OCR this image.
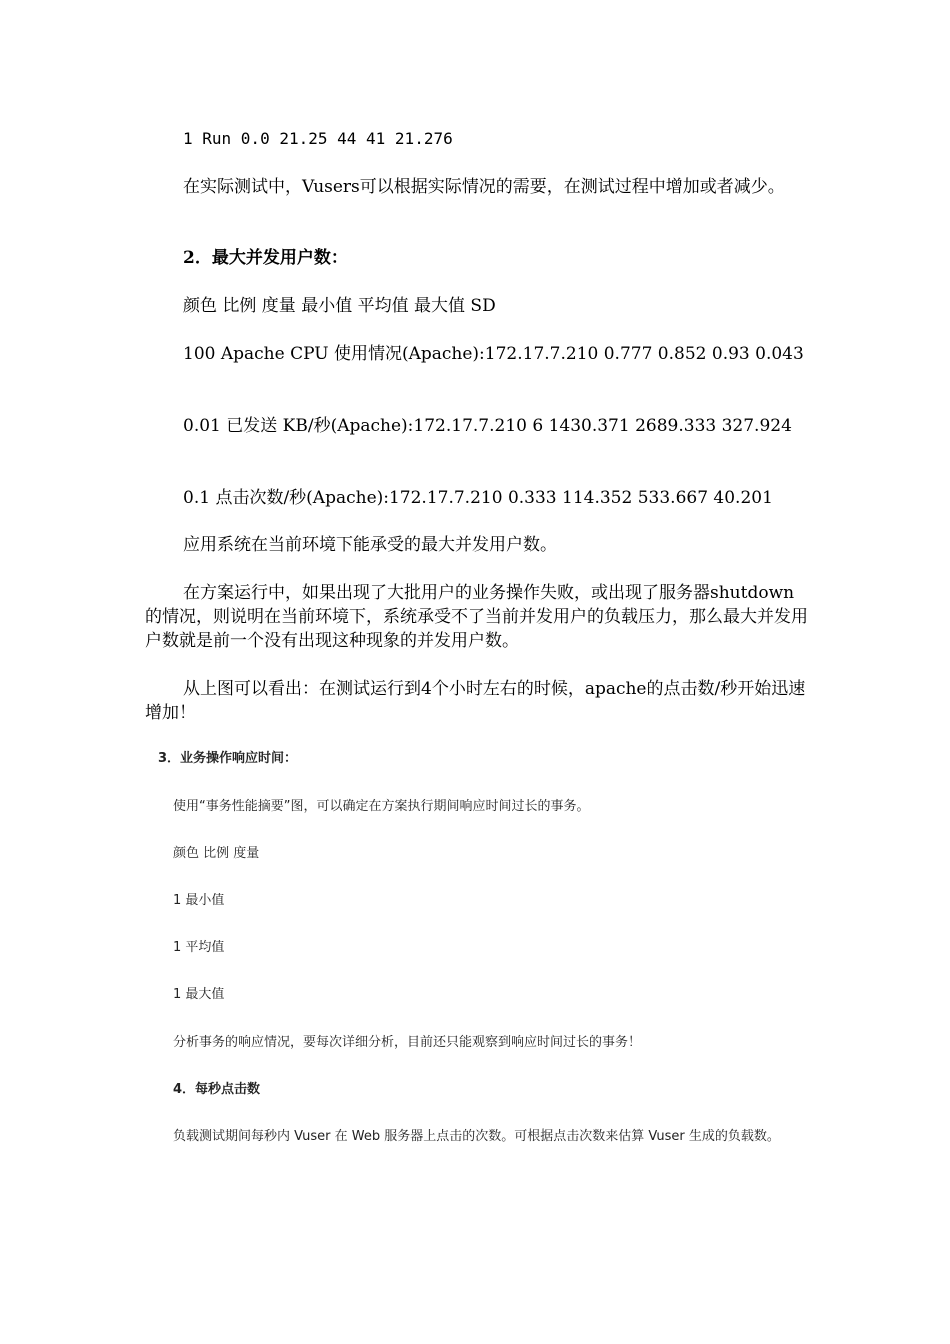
1 Run 0.0 21.25 44 41 21.276

在实际测试中，Vusers可以根据实际情况的需要，在测试过程中增加或者减少。

2．最大并发用户数：

颜色 比例 度量 最小值 平均值 最大值 SD

100 Apache CPU 使用情况(Apache):172.17.7.210 0.777 0.852 0.93 0.043

0.01 已发送 KB/秒(Apache):172.17.7.210 6 1430.371 2689.333 327.924

0.1 点击次数/秒(Apache):172.17.7.210 0.333 114.352 533.667 40.201

应用系统在当前环境下能承受的最大并发用户数。

在方案运行中，如果出现了大批用户的业务操作失败，或出现了服务器shutdown的情况，则说明在当前环境下，系统承受不了当前并发用户的负载压力，那么最大并发用户数就是前一个没有出现这种现象的并发用户数。

从上图可以看出：在测试运行到4个小时左右的时候，apache的点击数/秒开始迅速增加！

3．业务操作响应时间：

使用“事务性能摘要”图，可以确定在方案执行期间响应时间过长的事务。

颜色 比例 度量

1 最小值

1 平均值

1 最大值

分析事务的响应情况，要每次详细分析，目前还只能观察到响应时间过长的事务！

4．每秒点击数

负载测试期间每秒内 Vuser 在 Web 服务器上点击的次数。可根据点击次数来估算 Vuser 生成的负载数。
